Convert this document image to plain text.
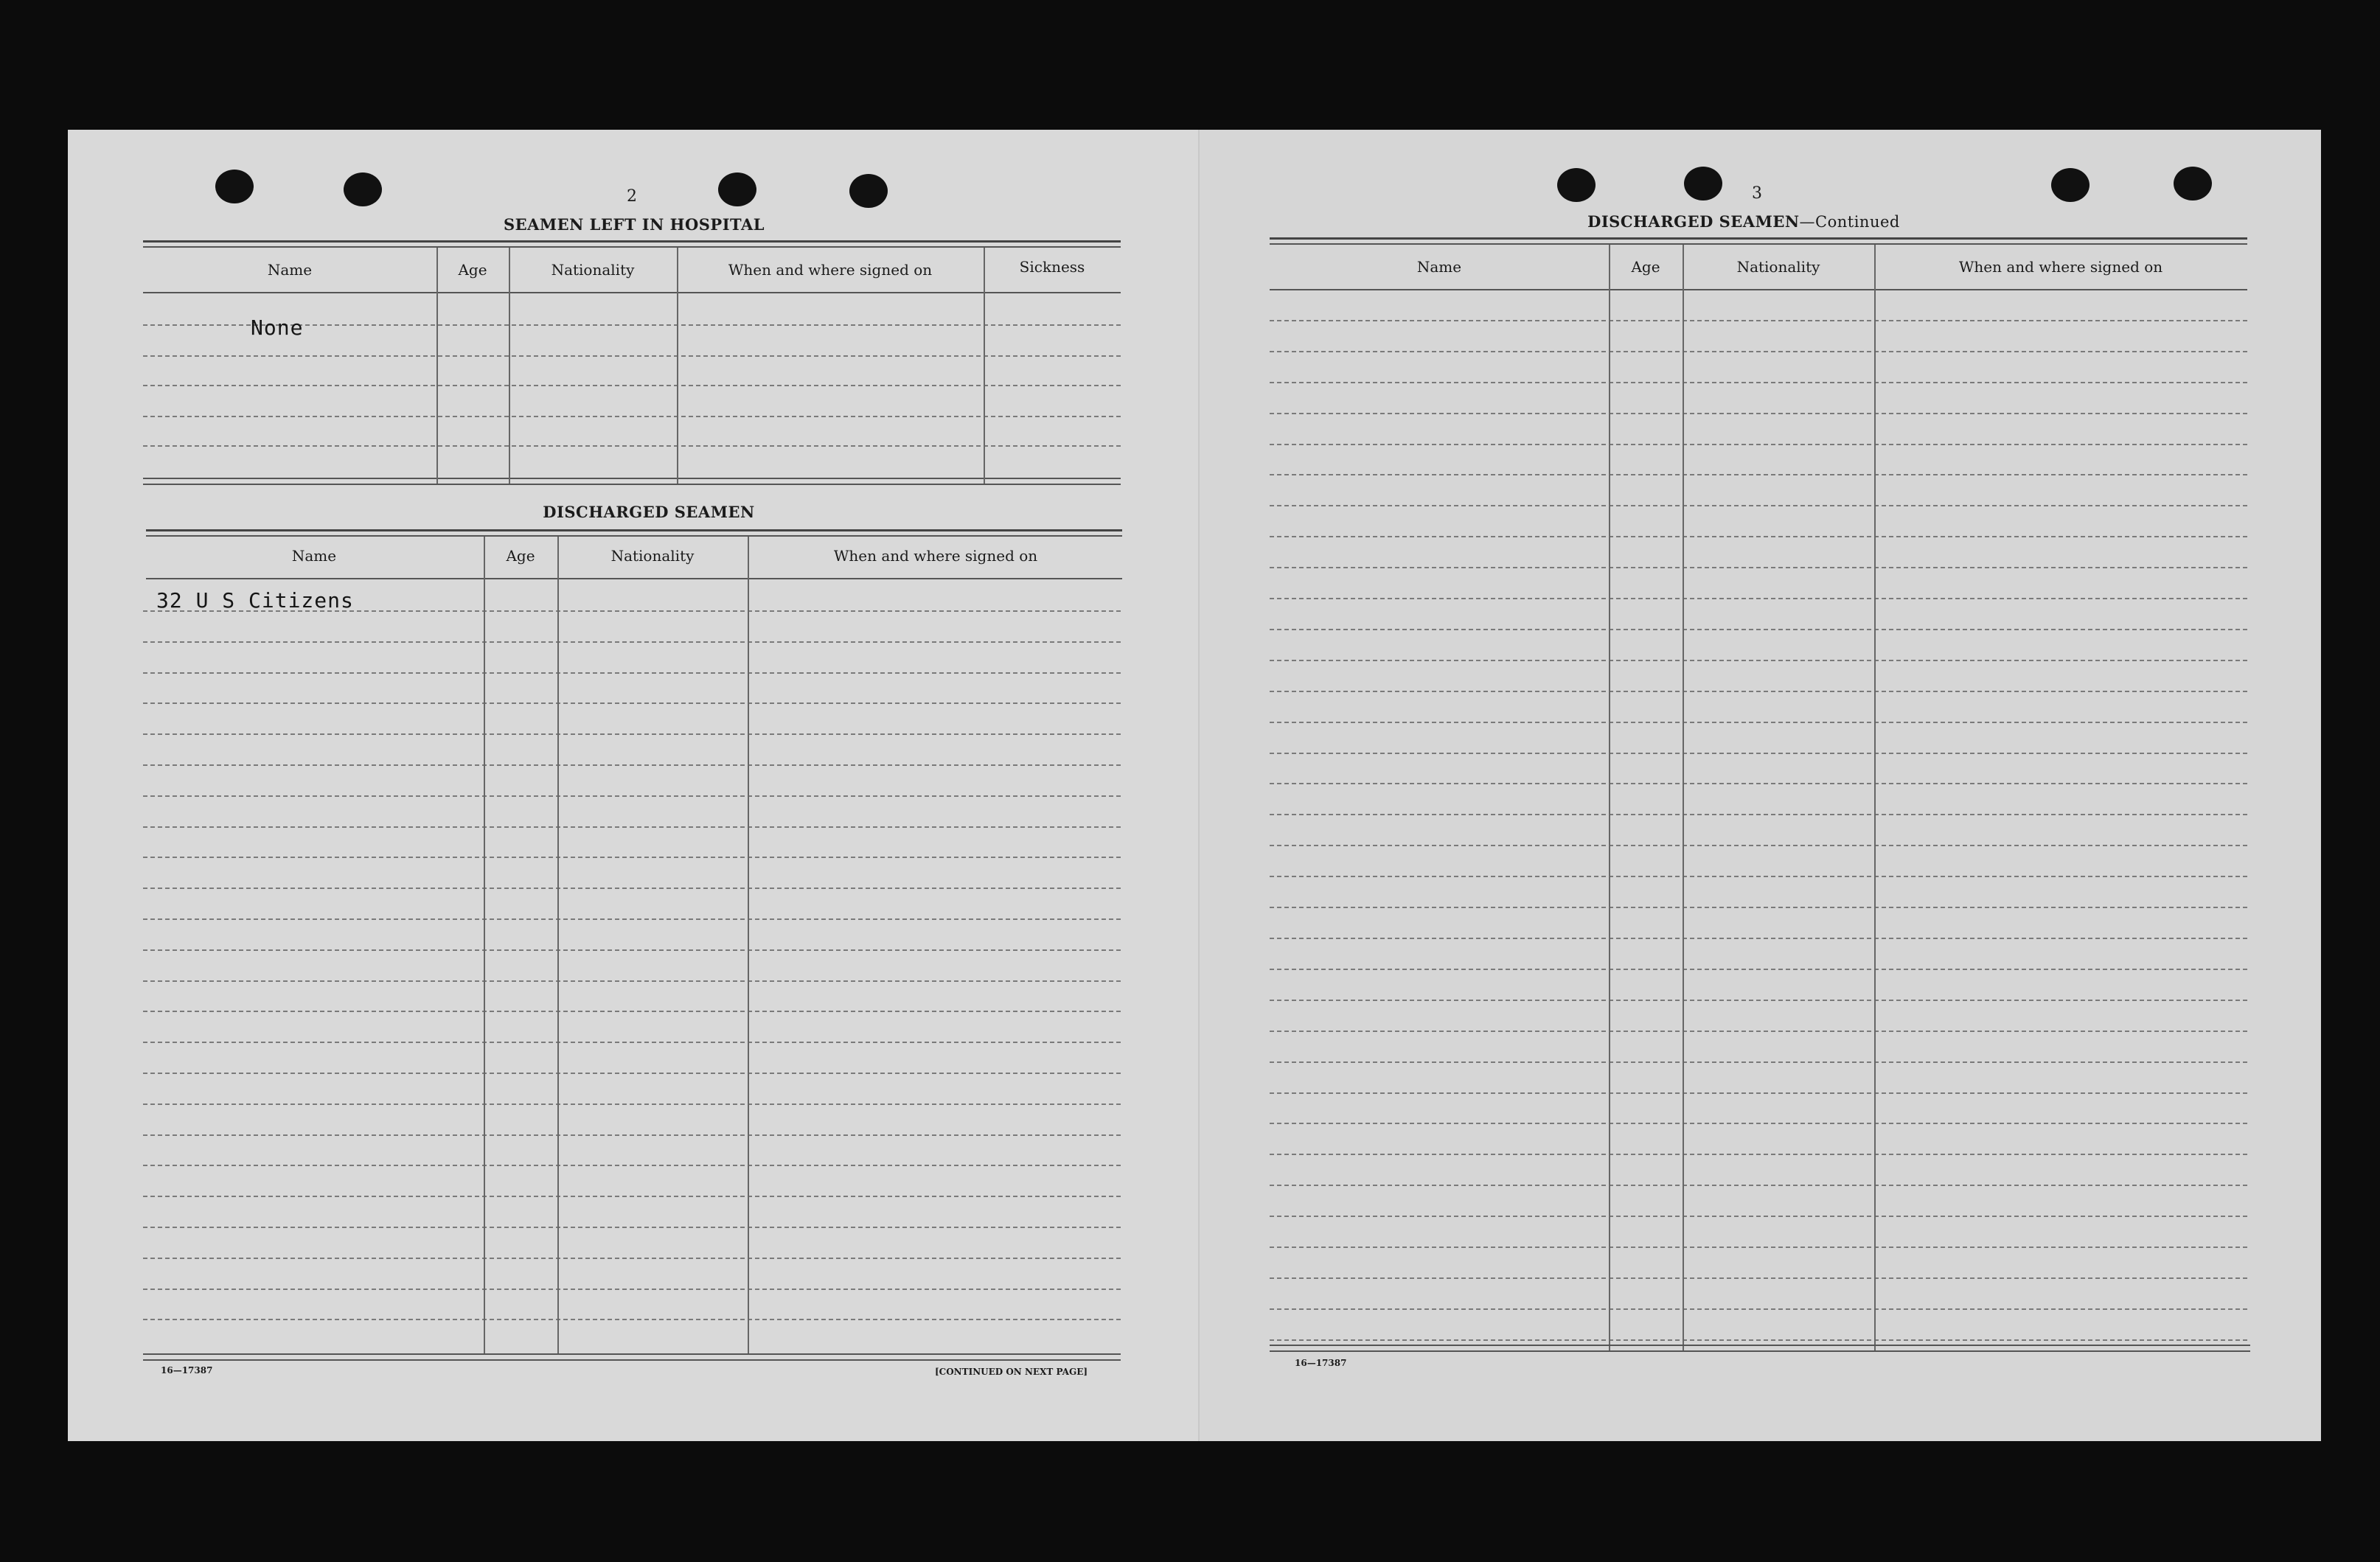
2
SEAMEN LEFT IN HOSPITAL
Name	Age	Nationality	When and where signed on	Sickness
None
DISCHARGED SEAMEN
Name	Age	Nationality	When and where signed on
32 U S Citizens
16—17387	[CONTINUED ON NEXT PAGE]
3
DISCHARGED SEAMEN—Continued
Name	Age	Nationality	When and where signed on
16—17387
